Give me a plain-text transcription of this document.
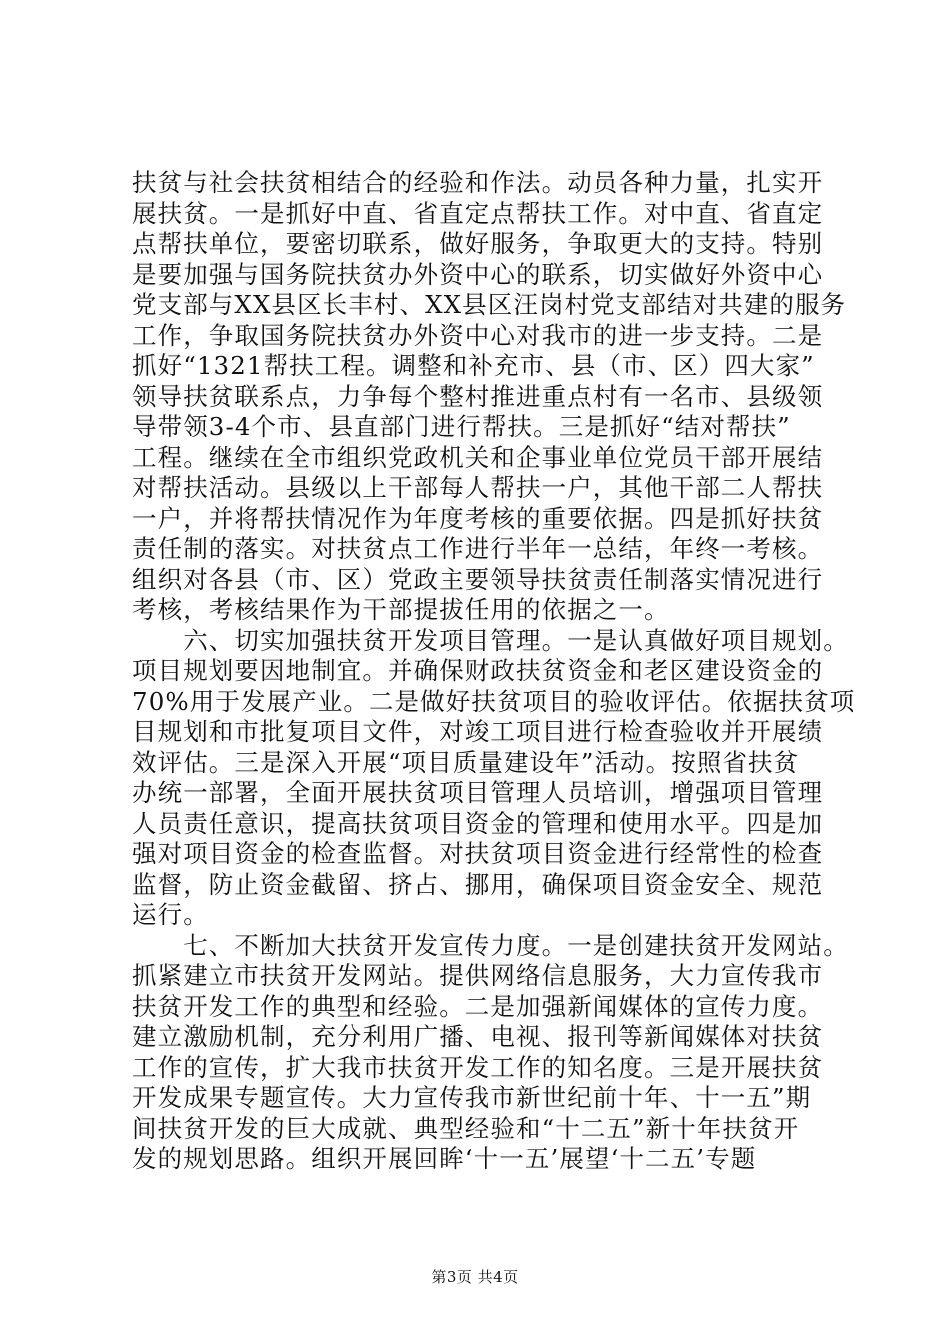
扶贫与社会扶贫相结合的经验和作法。动员各种力量，扎实开
展扶贫。一是抓好中直、省直定点帮扶工作。对中直、省直定
点帮扶单位，要密切联系，做好服务，争取更大的支持。特别
是要加强与国务院扶贫办外资中心的联系，切实做好外资中心
党支部与XX县区长丰村、XX县区汪岗村党支部结对共建的服务
工作，争取国务院扶贫办外资中心对我市的进一步支持。二是
抓好“1321帮扶工程。调整和补充市、县（市、区）四大家”
领导扶贫联系点，力争每个整村推进重点村有一名市、县级领
导带领3-4个市、县直部门进行帮扶。三是抓好“结对帮扶”
工程。继续在全市组织党政机关和企事业单位党员干部开展结
对帮扶活动。县级以上干部每人帮扶一户，其他干部二人帮扶
一户，并将帮扶情况作为年度考核的重要依据。四是抓好扶贫
责任制的落实。对扶贫点工作进行半年一总结，年终一考核。
组织对各县（市、区）党政主要领导扶贫责任制落实情况进行
考核，考核结果作为干部提拔任用的依据之一。
　　六、切实加强扶贫开发项目管理。一是认真做好项目规划。
项目规划要因地制宜。并确保财政扶贫资金和老区建设资金的
70%用于发展产业。二是做好扶贫项目的验收评估。依据扶贫项
目规划和市批复项目文件，对竣工项目进行检查验收并开展绩
效评估。三是深入开展“项目质量建设年”活动。按照省扶贫
办统一部署，全面开展扶贫项目管理人员培训，增强项目管理
人员责任意识，提高扶贫项目资金的管理和使用水平。四是加
强对项目资金的检查监督。对扶贫项目资金进行经常性的检查
监督，防止资金截留、挤占、挪用，确保项目资金安全、规范
运行。
　　七、不断加大扶贫开发宣传力度。一是创建扶贫开发网站。
抓紧建立市扶贫开发网站。提供网络信息服务，大力宣传我市
扶贫开发工作的典型和经验。二是加强新闻媒体的宣传力度。
建立激励机制，充分利用广播、电视、报刊等新闻媒体对扶贫
工作的宣传，扩大我市扶贫开发工作的知名度。三是开展扶贫
开发成果专题宣传。大力宣传我市新世纪前十年、十一五”期
间扶贫开发的巨大成就、典型经验和“十二五”新十年扶贫开
发的规划思路。组织开展回眸‘十一五’展望‘十二五’专题
第3页 共4页
